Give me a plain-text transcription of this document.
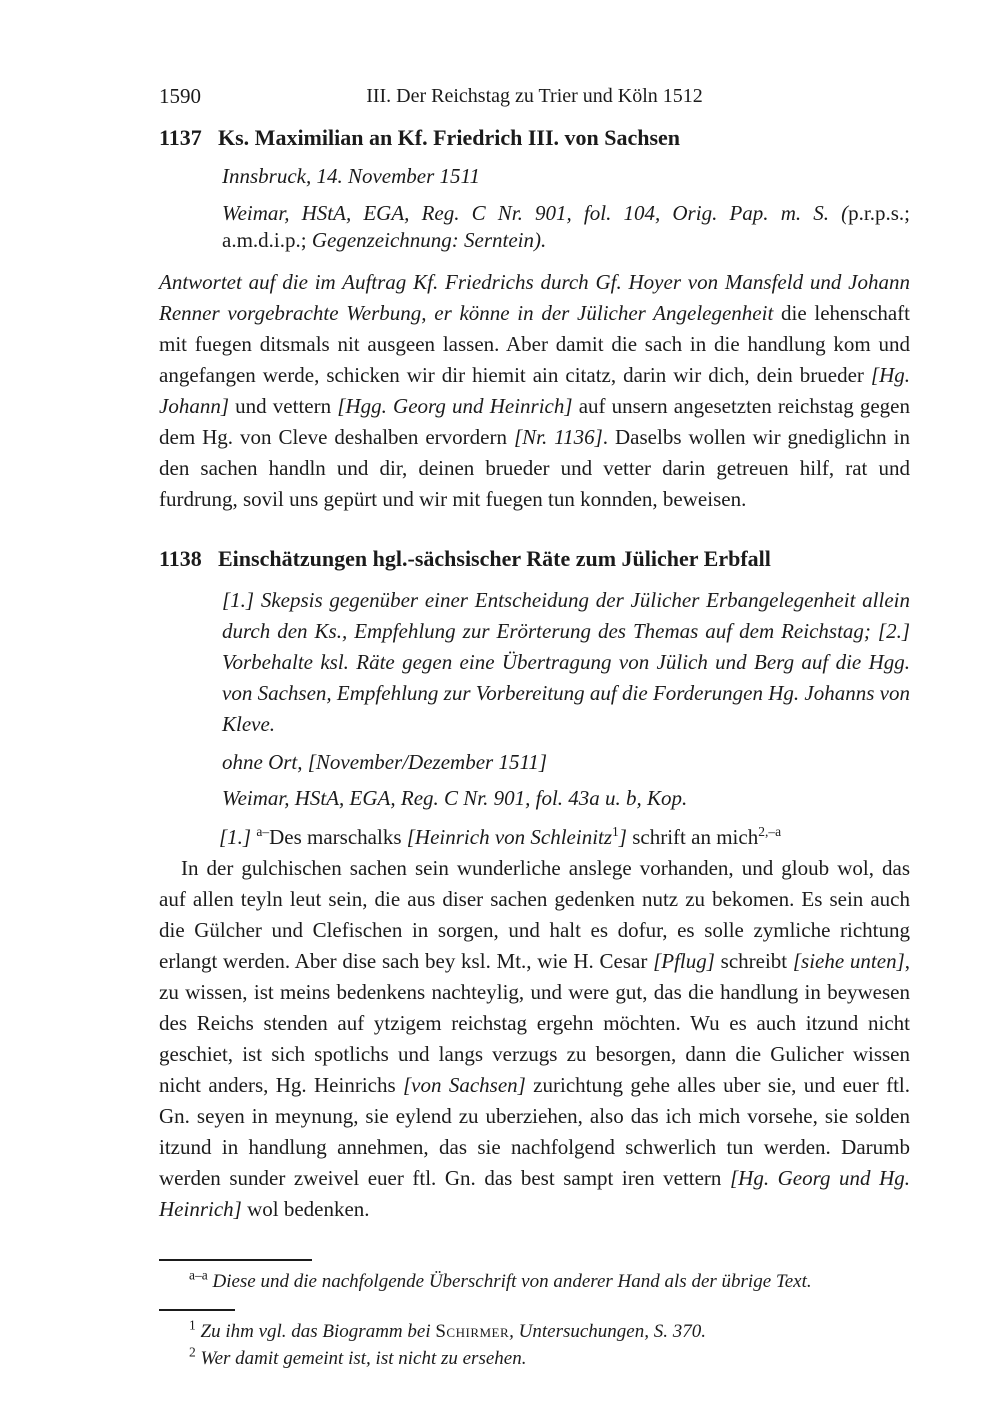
1590	III. Der Reichstag zu Trier und Köln 1512
1137 Ks. Maximilian an Kf. Friedrich III. von Sachsen

Innsbruck, 14. November 1511

Weimar, HStA, EGA, Reg. C Nr. 901, fol. 104, Orig. Pap. m. S. (p.r.p.s.; a.m.d.i.p.; Gegenzeichnung: Serntein).

Antwortet auf die im Auftrag Kf. Friedrichs durch Gf. Hoyer von Mansfeld und Johann Renner vorgebrachte Werbung, er könne in der Jülicher Angelegenheit die lehenschaft mit fuegen ditsmals nit ausgeen lassen. Aber damit die sach in die handlung kom und angefangen werde, schicken wir dir hiemit ain citatz, darin wir dich, dein brueder [Hg. Johann] und vettern [Hgg. Georg und Heinrich] auf unsern angesetzten reichstag gegen dem Hg. von Cleve deshalben ervordern [Nr. 1136]. Daselbs wollen wir gnediglichn in den sachen handln und dir, deinen brueder und vetter darin getreuen hilf, rat und furdrung, sovil uns gepürt und wir mit fuegen tun konnden, beweisen.

1138 Einschätzungen hgl.-sächsischer Räte zum Jülicher Erbfall

[1.] Skepsis gegenüber einer Entscheidung der Jülicher Erbangelegenheit allein durch den Ks., Empfehlung zur Erörterung des Themas auf dem Reichstag; [2.] Vorbehalte ksl. Räte gegen eine Übertragung von Jülich und Berg auf die Hgg. von Sachsen, Empfehlung zur Vorbereitung auf die Forderungen Hg. Johanns von Kleve.

ohne Ort, [November/Dezember 1511]

Weimar, HStA, EGA, Reg. C Nr. 901, fol. 43a u. b, Kop.

[1.] $^{a-}$Des marschalks [Heinrich von Schleinitz$^1$] schrift an mich$^{2,-a}$

In der gulchischen sachen sein wunderliche anslege vorhanden, und gloub wol, das auf allen teyln leut sein, die aus diser sachen gedenken nutz zu bekomen. Es sein auch die Gülcher und Clefischen in sorgen, und halt es dofur, es solle zymliche richtung erlangt werden. Aber dise sach bey ksl. Mt., wie H. Cesar [Pflug] schreibt [siehe unten], zu wissen, ist meins bedenkens nachteylig, und were gut, das die handlung in beywesen des Reichs stenden auf ytzigem reichstag ergehn möchten. Wu es auch itzund nicht geschiet, ist sich spotlichs und langs verzugs zu besorgen, dann die Gulicher wissen nicht anders, Hg. Heinrichs [von Sachsen] zurichtung gehe alles uber sie, und euer ftl. Gn. seyen in meynung, sie eylend zu uberziehen, also das ich mich vorsehe, sie solden itzund in handlung annehmen, das sie nachfolgend schwerlich tun werden. Darumb werden sunder zweivel euer ftl. Gn. das best sampt iren vettern [Hg. Georg und Hg. Heinrich] wol bedenken.

$^{a-a}$ Diese und die nachfolgende Überschrift von anderer Hand als der übrige Text.

$^1$ Zu ihm vgl. das Biogramm bei Schirmer, Untersuchungen, S. 370.

$^2$ Wer damit gemeint ist, ist nicht zu ersehen.
